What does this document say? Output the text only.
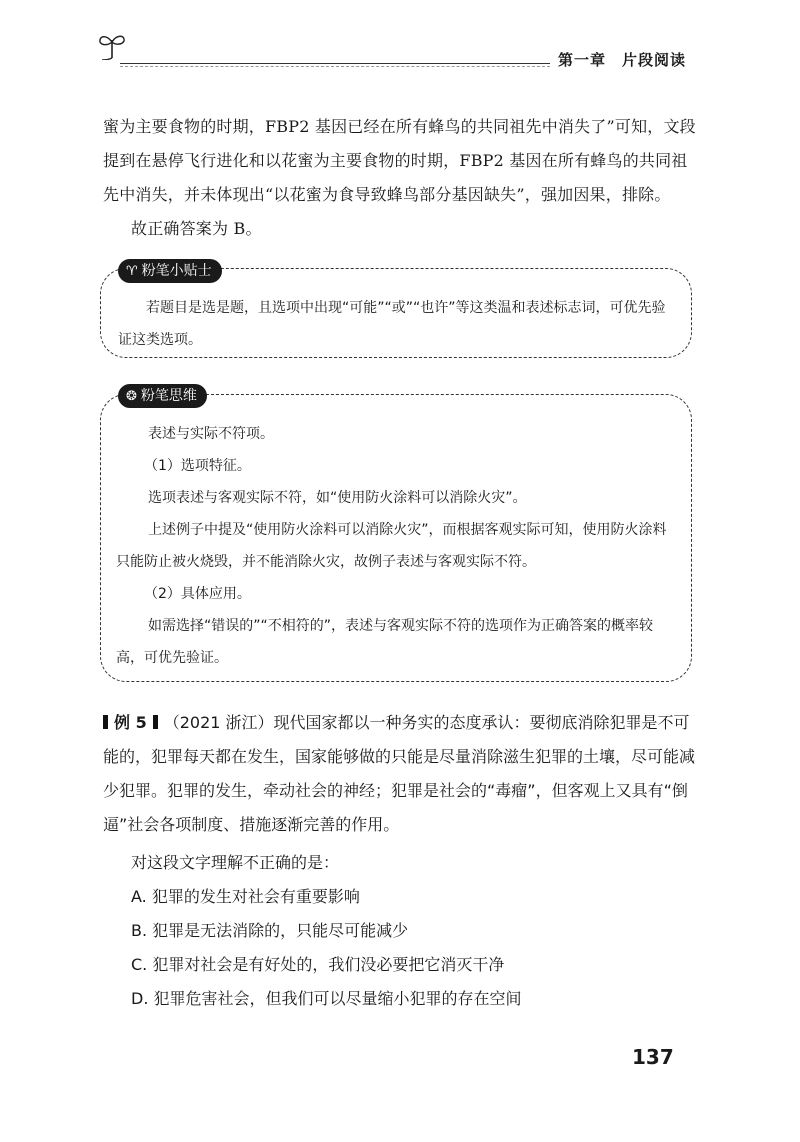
第一章 片段阅读
蜜为主要食物的时期，FBP2 基因已经在所有蜂鸟的共同祖先中消失了”可知，文段提到在悬停飞行进化和以花蜜为主要食物的时期，FBP2 基因在所有蜂鸟的共同祖先中消失，并未体现出“以花蜜为食导致蜂鸟部分基因缺失”，强加因果，排除。
故正确答案为 B。
♈ 粉笔小贴士
若题目是选是题，且选项中出现“可能”“或”“也许”等这类温和表述标志词，可优先验证这类选项。
❂ 粉笔思维
表述与实际不符项。
（1）选项特征。
选项表述与客观实际不符，如“使用防火涂料可以消除火灾”。
上述例子中提及“使用防火涂料可以消除火灾”，而根据客观实际可知，使用防火涂料只能防止被火烧毁，并不能消除火灾，故例子表述与客观实际不符。
（2）具体应用。
如需选择“错误的”“不相符的”，表述与客观实际不符的选项作为正确答案的概率较高，可优先验证。
例 5 （2021 浙江）现代国家都以一种务实的态度承认：要彻底消除犯罪是不可能的，犯罪每天都在发生，国家能够做的只能是尽量消除滋生犯罪的土壤，尽可能减少犯罪。犯罪的发生，牵动社会的神经；犯罪是社会的“毒瘤”，但客观上又具有“倒逼”社会各项制度、措施逐渐完善的作用。
对这段文字理解不正确的是：
A. 犯罪的发生对社会有重要影响
B. 犯罪是无法消除的，只能尽可能减少
C. 犯罪对社会是有好处的，我们没必要把它消灭干净
D. 犯罪危害社会，但我们可以尽量缩小犯罪的存在空间
137
